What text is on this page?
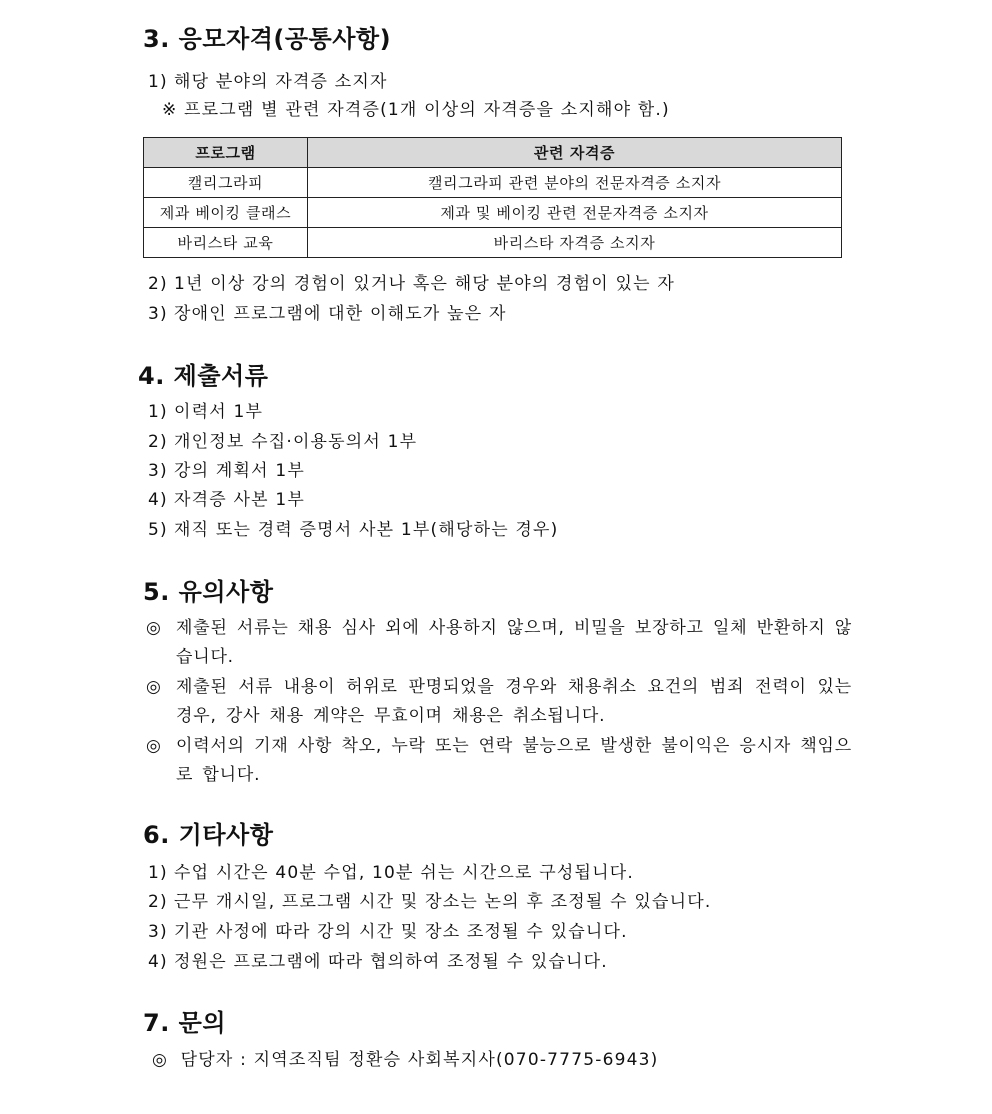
3. 응모자격(공통사항)
1) 해당 분야의 자격증 소지자
※ 프로그램 별 관련 자격증(1개 이상의 자격증을 소지해야 함.)
프로그램	관련 자격증
캘리그라피	캘리그라피 관련 분야의 전문자격증 소지자
제과 베이킹 클래스	제과 및 베이킹 관련 전문자격증 소지자
바리스타 교육	바리스타 자격증 소지자
2) 1년 이상 강의 경험이 있거나 혹은 해당 분야의 경험이 있는 자
3) 장애인 프로그램에 대한 이해도가 높은 자
4. 제출서류
1) 이력서 1부
2) 개인정보 수집·이용동의서 1부
3) 강의 계획서 1부
4) 자격증 사본 1부
5) 재직 또는 경력 증명서 사본 1부(해당하는 경우)
5. 유의사항
◎ 제출된 서류는 채용 심사 외에 사용하지 않으며, 비밀을 보장하고 일체 반환하지 않습니다.
◎ 제출된 서류 내용이 허위로 판명되었을 경우와 채용취소 요건의 범죄 전력이 있는 경우, 강사 채용 계약은 무효이며 채용은 취소됩니다.
◎ 이력서의 기재 사항 착오, 누락 또는 연락 불능으로 발생한 불이익은 응시자 책임으로 합니다.
6. 기타사항
1) 수업 시간은 40분 수업, 10분 쉬는 시간으로 구성됩니다.
2) 근무 개시일, 프로그램 시간 및 장소는 논의 후 조정될 수 있습니다.
3) 기관 사정에 따라 강의 시간 및 장소 조정될 수 있습니다.
4) 정원은 프로그램에 따라 협의하여 조정될 수 있습니다.
7. 문의
◎ 담당자 : 지역조직팀 정환승 사회복지사(070-7775-6943)
